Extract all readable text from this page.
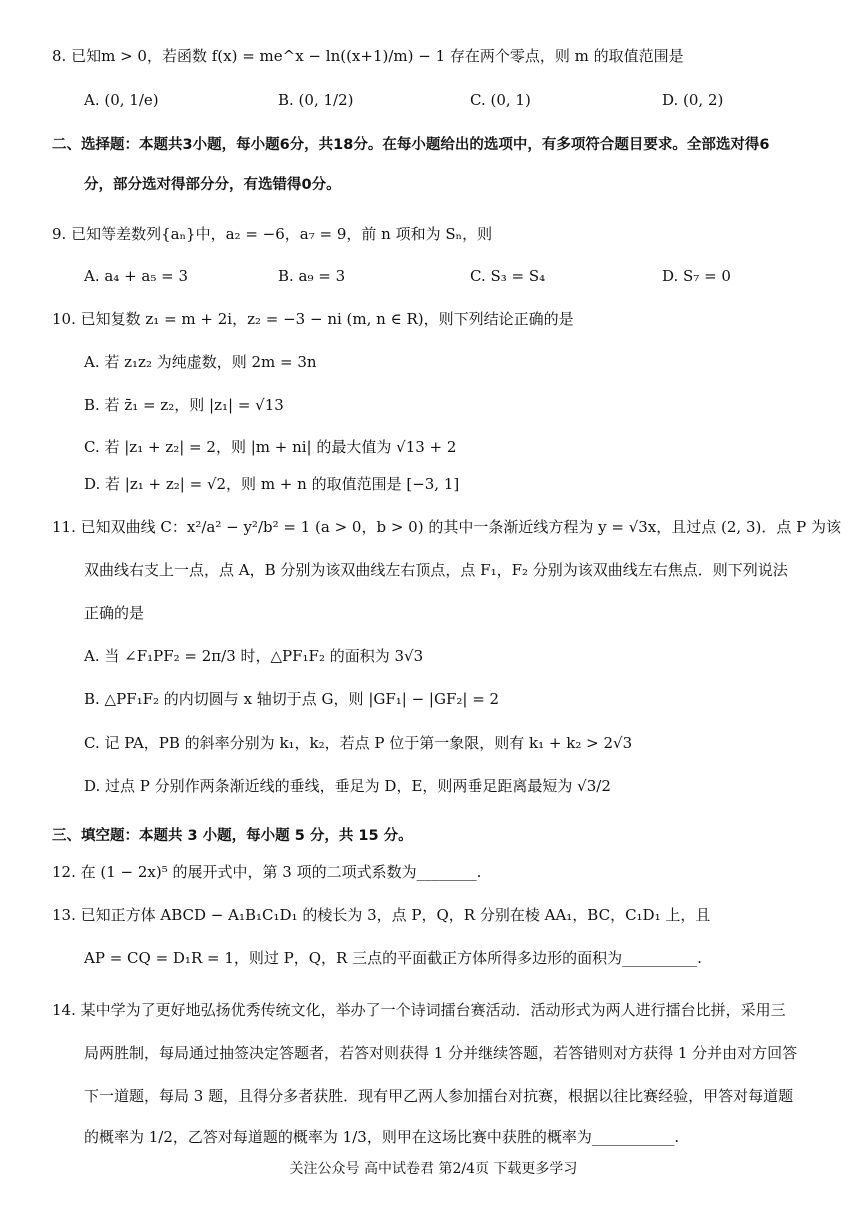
8. 已知m > 0，若函数 f(x) = me^x − ln((x+1)/m) − 1 存在两个零点，则 m 的取值范围是
A. (0, 1/e)	B. (0, 1/2)	C. (0, 1)	D. (0, 2)
二、选择题：本题共3小题，每小题6分，共18分。在每小题给出的选项中，有多项符合题目要求。全部选对得6
分，部分选对得部分分，有选错得0分。
9. 已知等差数列{aₙ}中，a₂ = −6，a₇ = 9，前 n 项和为 Sₙ，则
A. a₄ + a₅ = 3	B. a₉ = 3	C. S₃ = S₄	D. S₇ = 0
10. 已知复数 z₁ = m + 2i，z₂ = −3 − ni (m, n ∈ R)，则下列结论正确的是
A. 若 z₁z₂ 为纯虚数，则 2m = 3n
B. 若 z̄₁ = z₂，则 |z₁| = √13
C. 若 |z₁ + z₂| = 2，则 |m + ni| 的最大值为 √13 + 2
D. 若 |z₁ + z₂| = √2，则 m + n 的取值范围是 [−3, 1]
11. 已知双曲线 C：x²/a² − y²/b² = 1 (a > 0，b > 0) 的其中一条渐近线方程为 y = √3x，且过点 (2, 3)．点 P 为该
双曲线右支上一点，点 A，B 分别为该双曲线左右顶点，点 F₁，F₂ 分别为该双曲线左右焦点．则下列说法
正确的是
A. 当 ∠F₁PF₂ = 2π/3 时，△PF₁F₂ 的面积为 3√3
B. △PF₁F₂ 的内切圆与 x 轴切于点 G，则 |GF₁| − |GF₂| = 2
C. 记 PA，PB 的斜率分别为 k₁，k₂，若点 P 位于第一象限，则有 k₁ + k₂ > 2√3
D. 过点 P 分别作两条渐近线的垂线，垂足为 D，E，则两垂足距离最短为 √3/2
三、填空题：本题共 3 小题，每小题 5 分，共 15 分。
12. 在 (1 − 2x)⁵ 的展开式中，第 3 项的二项式系数为________.
13. 已知正方体 ABCD − A₁B₁C₁D₁ 的棱长为 3，点 P，Q，R 分别在棱 AA₁，BC，C₁D₁ 上，且
AP = CQ = D₁R = 1，则过 P，Q，R 三点的平面截正方体所得多边形的面积为__________.
14. 某中学为了更好地弘扬优秀传统文化，举办了一个诗词擂台赛活动．活动形式为两人进行擂台比拼，采用三
局两胜制，每局通过抽签决定答题者，若答对则获得 1 分并继续答题，若答错则对方获得 1 分并由对方回答
下一道题，每局 3 题，且得分多者获胜．现有甲乙两人参加擂台对抗赛，根据以往比赛经验，甲答对每道题
的概率为 1/2，乙答对每道题的概率为 1/3，则甲在这场比赛中获胜的概率为___________.
关注公众号 高中试卷君 第2/4页 下载更多学习
